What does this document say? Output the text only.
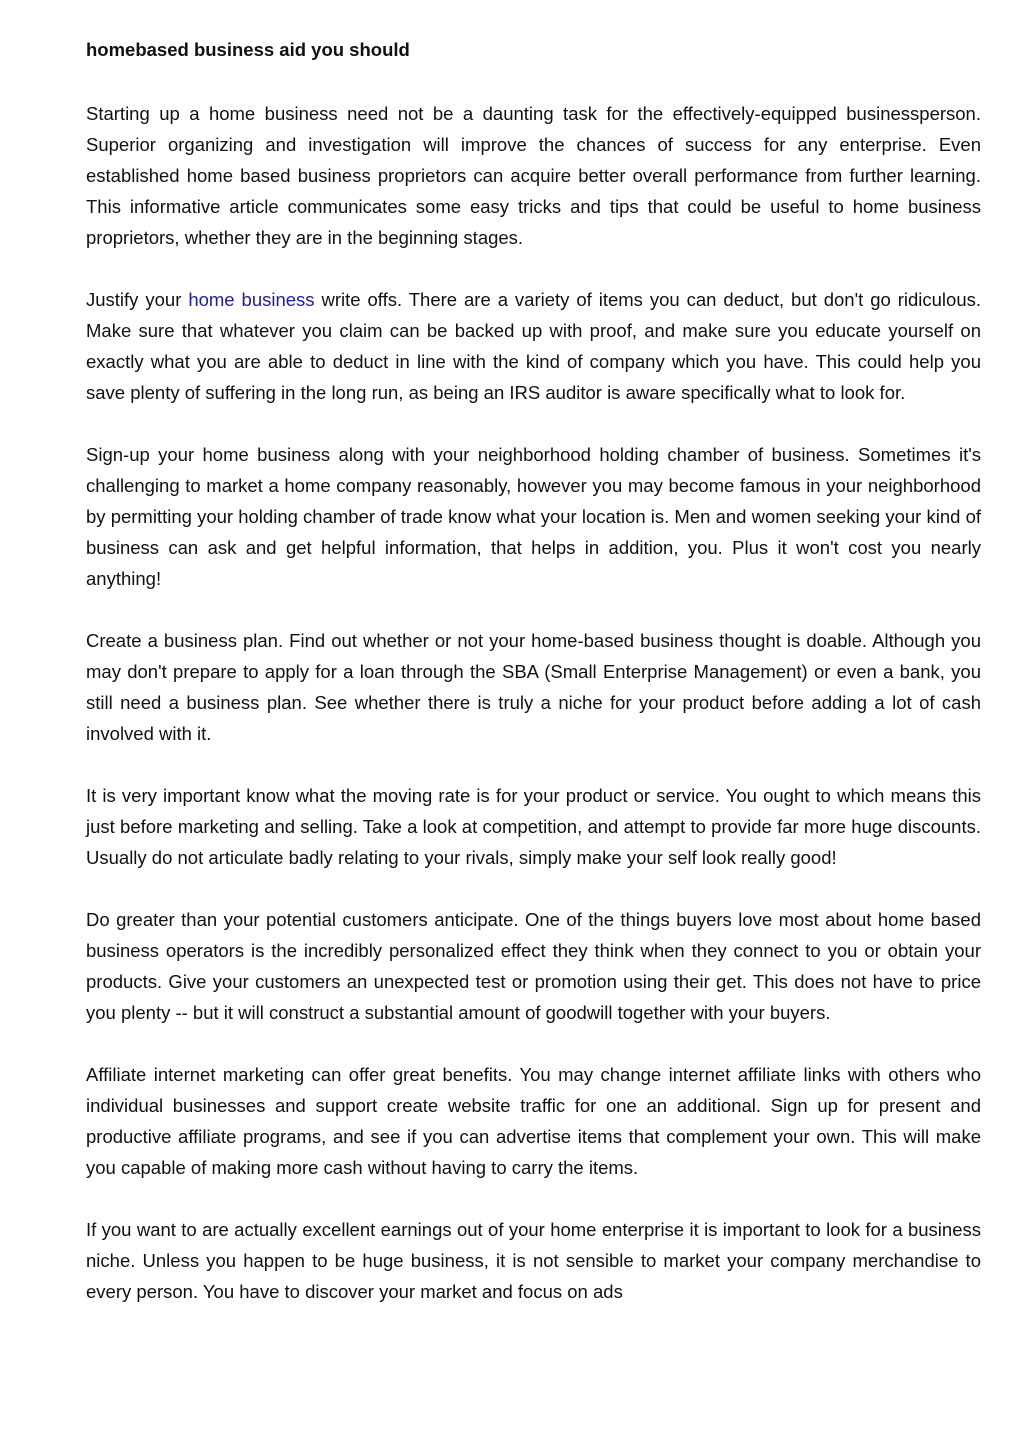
homebased business aid you should

Starting up a home business need not be a daunting task for the effectively-equipped businessperson. Superior organizing and investigation will improve the chances of success for any enterprise. Even established home based business proprietors can acquire better overall performance from further learning. This informative article communicates some easy tricks and tips that could be useful to home business proprietors, whether they are in the beginning stages.

Justify your home business write offs. There are a variety of items you can deduct, but don't go ridiculous. Make sure that whatever you claim can be backed up with proof, and make sure you educate yourself on exactly what you are able to deduct in line with the kind of company which you have. This could help you save plenty of suffering in the long run, as being an IRS auditor is aware specifically what to look for.

Sign-up your home business along with your neighborhood holding chamber of business. Sometimes it's challenging to market a home company reasonably, however you may become famous in your neighborhood by permitting your holding chamber of trade know what your location is. Men and women seeking your kind of business can ask and get helpful information, that helps in addition, you. Plus it won't cost you nearly anything!

Create a business plan. Find out whether or not your home-based business thought is doable. Although you may don't prepare to apply for a loan through the SBA (Small Enterprise Management) or even a bank, you still need a business plan. See whether there is truly a niche for your product before adding a lot of cash involved with it.

It is very important know what the moving rate is for your product or service. You ought to which means this just before marketing and selling. Take a look at competition, and attempt to provide far more huge discounts. Usually do not articulate badly relating to your rivals, simply make your self look really good!

Do greater than your potential customers anticipate. One of the things buyers love most about home based business operators is the incredibly personalized effect they think when they connect to you or obtain your products. Give your customers an unexpected test or promotion using their get. This does not have to price you plenty -- but it will construct a substantial amount of goodwill together with your buyers.

Affiliate internet marketing can offer great benefits. You may change internet affiliate links with others who individual businesses and support create website traffic for one an additional. Sign up for present and productive affiliate programs, and see if you can advertise items that complement your own. This will make you capable of making more cash without having to carry the items.

If you want to are actually excellent earnings out of your home enterprise it is important to look for a business niche. Unless you happen to be huge business, it is not sensible to market your company merchandise to every person. You have to discover your market and focus on ads
